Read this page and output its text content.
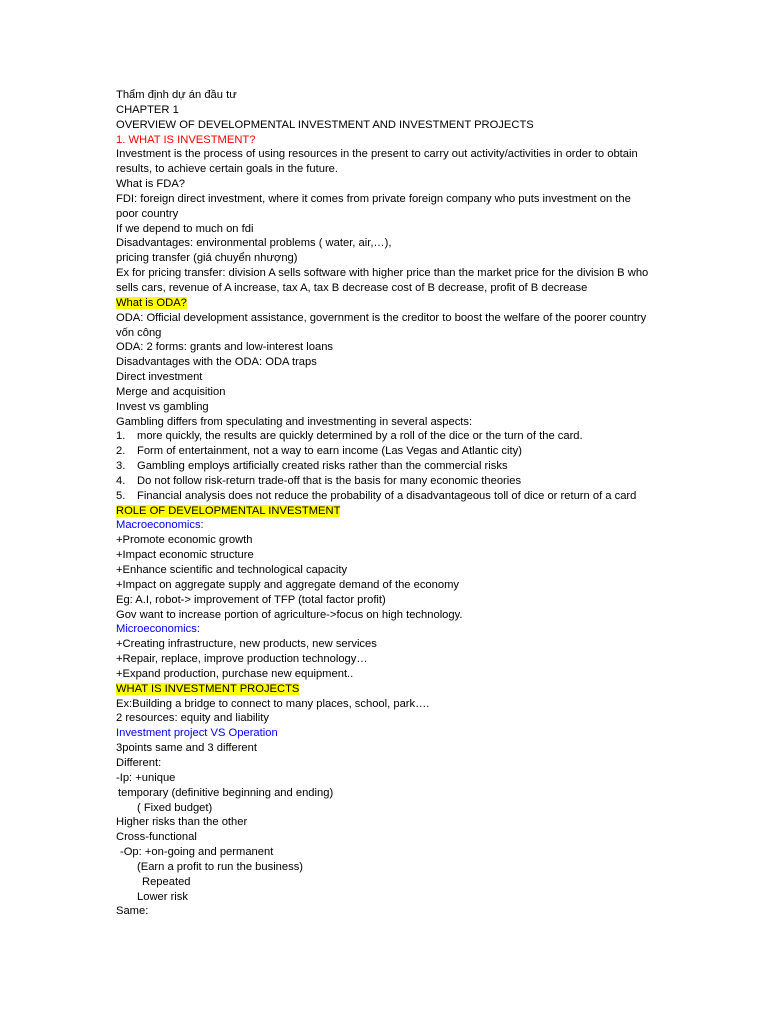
Thẩm định dự án đầu tư
CHAPTER 1
OVERVIEW OF DEVELOPMENTAL INVESTMENT AND INVESTMENT PROJECTS
1. WHAT IS INVESTMENT?
Investment is the process of using resources in the present to carry out activity/activities in order to obtain results, to achieve certain goals in the future.
What is FDA?
FDI: foreign direct investment, where it comes from private foreign company who puts investment on the poor country
If we depend to much on fdi
Disadvantages: environmental problems ( water, air,…),
pricing transfer (giá chuyển nhượng)
Ex for pricing transfer: division A sells software with higher price than the market price for the division B who sells cars, revenue of A increase, tax A, tax B decrease cost of B decrease, profit of B decrease
What is ODA?
ODA: Official development assistance, government is the creditor to boost the welfare of the poorer country vốn công
ODA: 2 forms: grants and low-interest loans
Disadvantages with the ODA: ODA traps
Direct investment
Merge and acquisition
Invest vs gambling
Gambling differs from speculating and investmenting in several aspects:
1.	more quickly, the results are quickly determined by a roll of the dice or the turn of the card.
2.	Form of entertainment, not a way to earn income (Las Vegas and Atlantic city)
3.	Gambling employs artificially created risks rather than the commercial risks
4.	Do not follow risk-return trade-off that is the basis for many economic theories
5.	Financial analysis does not reduce the probability of a disadvantageous toll of dice or return of a card
ROLE OF DEVELOPMENTAL INVESTMENT
Macroeconomics:
+Promote economic growth
+Impact economic structure
+Enhance scientific and technological capacity
+Impact on aggregate supply and aggregate demand of the economy
Eg: A.I, robot-> improvement of TFP (total factor profit)
Gov want to increase portion of agriculture->focus on high technology.
Microeconomics:
+Creating infrastructure, new products, new services
+Repair, replace, improve production technology…
+Expand production, purchase new equipment..
WHAT IS INVESTMENT PROJECTS
Ex:Building a bridge to connect to many places, school, park….
2 resources: equity and liability
Investment project VS Operation
3points same and 3 different
Different:
-Ip: +unique
temporary (definitive beginning and ending)
( Fixed budget)
Higher risks than the other
Cross-functional
-Op: +on-going and permanent
(Earn a profit to run the business)
Repeated
Lower risk
Same:
